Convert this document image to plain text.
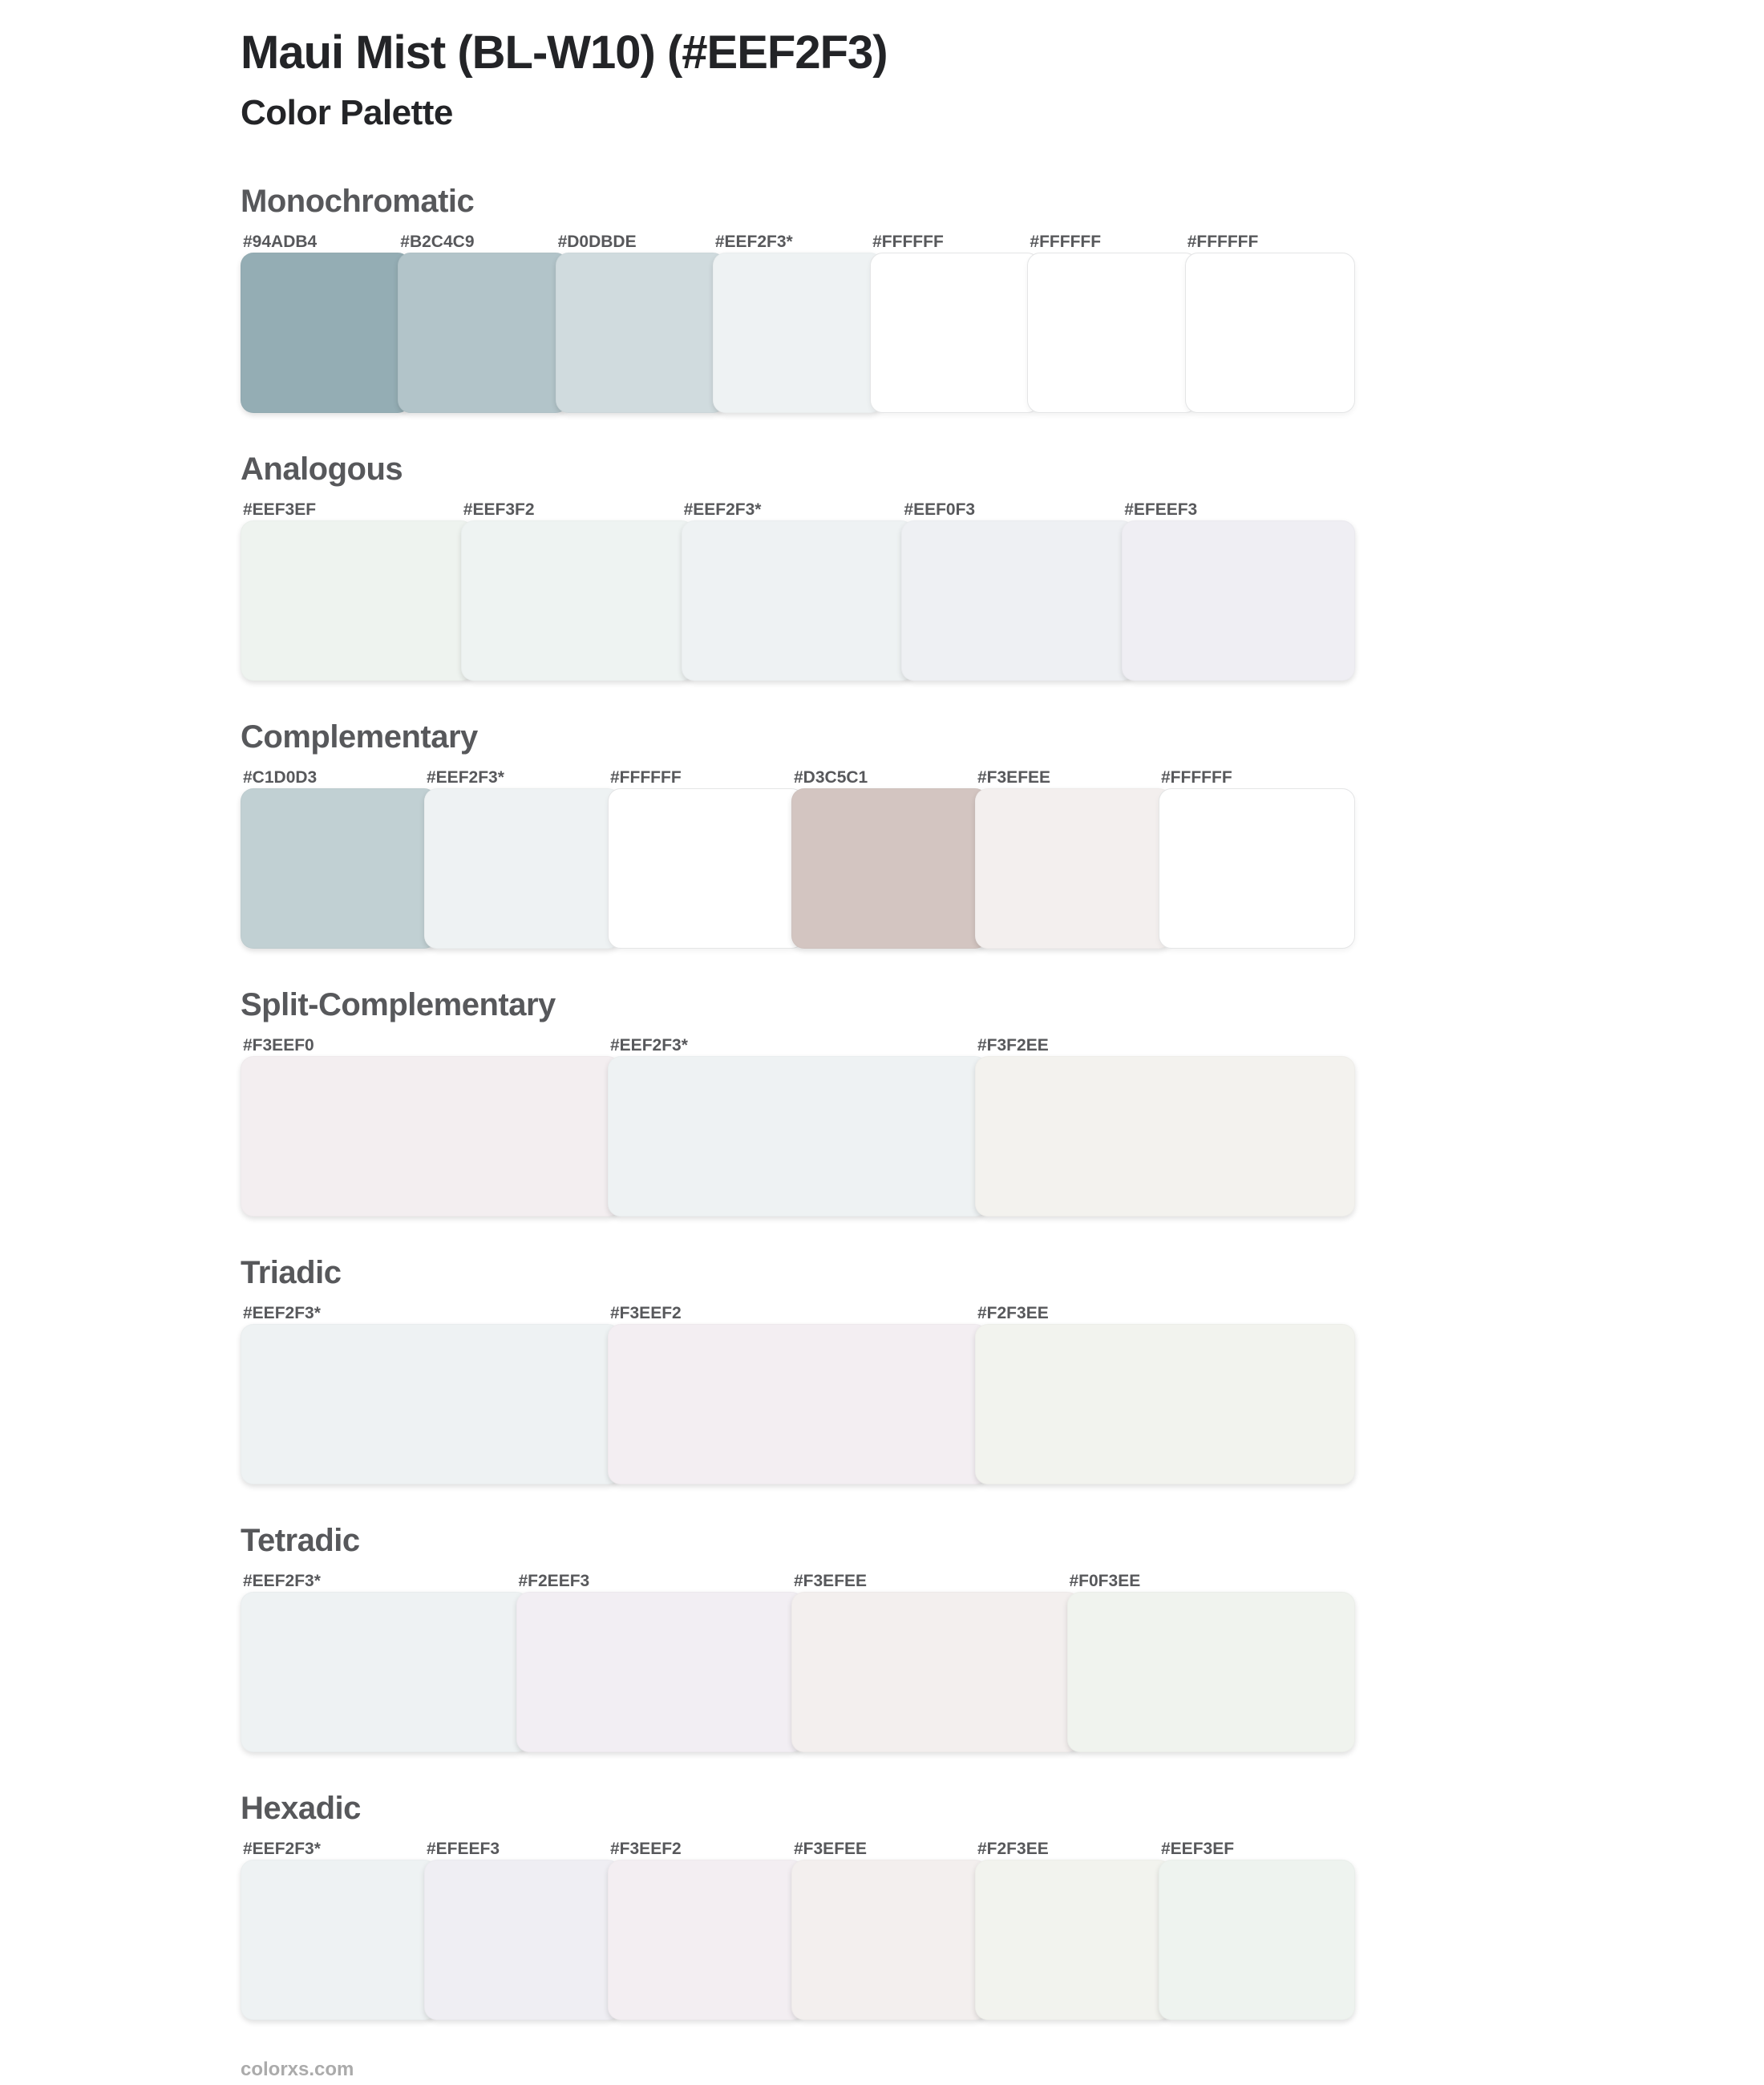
Maui Mist (BL-W10) (#EEF2F3)
Color Palette
Monochromatic
#94ADB4	#B2C4C9	#D0DBDE	#EEF2F3*	#FFFFFF	#FFFFFF	#FFFFFF
Analogous
#EEF3EF	#EEF3F2	#EEF2F3*	#EEF0F3	#EFEEF3
Complementary
#C1D0D3	#EEF2F3*	#FFFFFF	#D3C5C1	#F3EFEE	#FFFFFF
Split-Complementary
#F3EEF0	#EEF2F3*	#F3F2EE
Triadic
#EEF2F3*	#F3EEF2	#F2F3EE
Tetradic
#EEF2F3*	#F2EEF3	#F3EFEE	#F0F3EE
Hexadic
#EEF2F3*	#EFEEF3	#F3EEF2	#F3EFEE	#F2F3EE	#EEF3EF
colorxs.com
